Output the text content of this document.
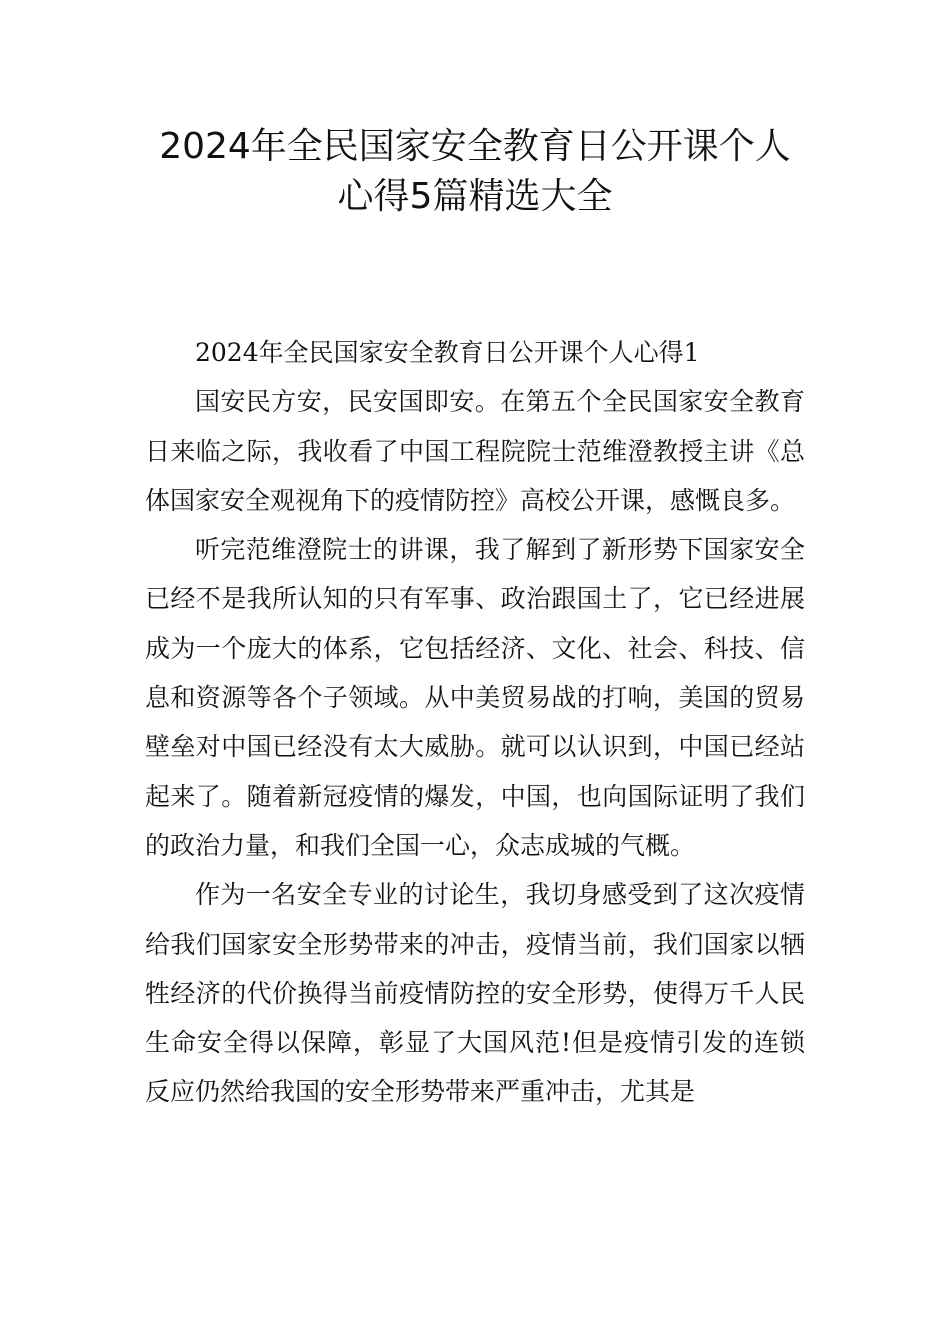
2024年全民国家安全教育日公开课个人
心得5篇精选大全

2024年全民国家安全教育日公开课个人心得1

国安民方安，民安国即安。在第五个全民国家安全教育日来临之际，我收看了中国工程院院士范维澄教授主讲《总体国家安全观视角下的疫情防控》高校公开课，感慨良多。

听完范维澄院士的讲课，我了解到了新形势下国家安全已经不是我所认知的只有军事、政治跟国土了，它已经进展成为一个庞大的体系，它包括经济、文化、社会、科技、信息和资源等各个子领域。从中美贸易战的打响，美国的贸易壁垒对中国已经没有太大威胁。就可以认识到，中国已经站起来了。随着新冠疫情的爆发，中国，也向国际证明了我们的政治力量，和我们全国一心，众志成城的气概。

作为一名安全专业的讨论生，我切身感受到了这次疫情给我们国家安全形势带来的冲击，疫情当前，我们国家以牺牲经济的代价换得当前疫情防控的安全形势，使得万千人民生命安全得以保障，彰显了大国风范!但是疫情引发的连锁反应仍然给我国的安全形势带来严重冲击，尤其是
